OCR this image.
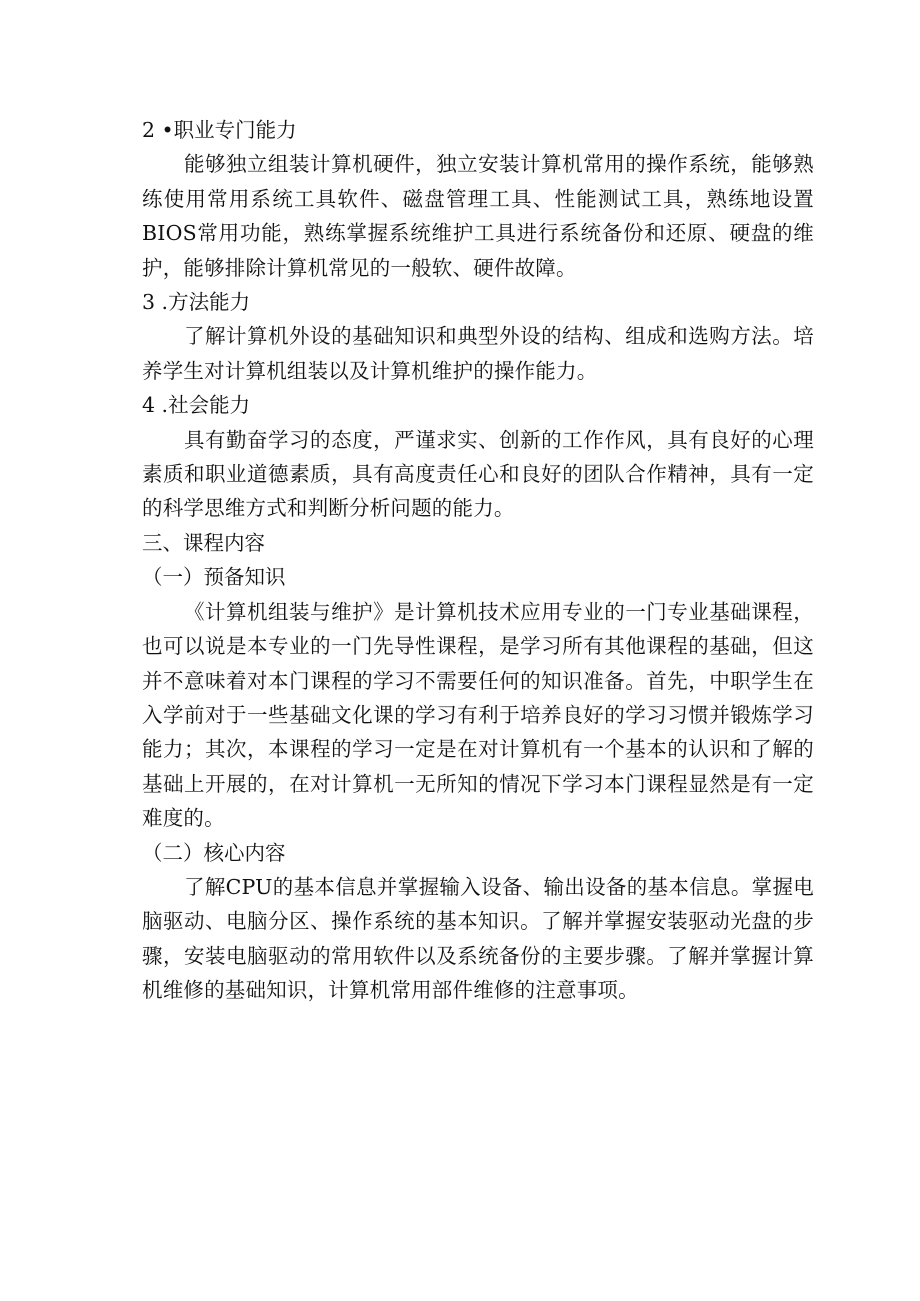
2 •职业专门能力

能够独立组装计算机硬件，独立安装计算机常用的操作系统，能够熟练使用常用系统工具软件、磁盘管理工具、性能测试工具，熟练地设置BIOS常用功能，熟练掌握系统维护工具进行系统备份和还原、硬盘的维护，能够排除计算机常见的一般软、硬件故障。

3 .方法能力

了解计算机外设的基础知识和典型外设的结构、组成和选购方法。培养学生对计算机组装以及计算机维护的操作能力。

4 .社会能力

具有勤奋学习的态度，严谨求实、创新的工作作风，具有良好的心理素质和职业道德素质，具有高度责任心和良好的团队合作精神，具有一定的科学思维方式和判断分析问题的能力。

三、课程内容

（一）预备知识

《计算机组装与维护》是计算机技术应用专业的一门专业基础课程，也可以说是本专业的一门先导性课程，是学习所有其他课程的基础，但这并不意味着对本门课程的学习不需要任何的知识准备。首先，中职学生在入学前对于一些基础文化课的学习有利于培养良好的学习习惯并锻炼学习能力；其次，本课程的学习一定是在对计算机有一个基本的认识和了解的基础上开展的，在对计算机一无所知的情况下学习本门课程显然是有一定难度的。

（二）核心内容

了解CPU的基本信息并掌握输入设备、输出设备的基本信息。掌握电脑驱动、电脑分区、操作系统的基本知识。了解并掌握安装驱动光盘的步骤，安装电脑驱动的常用软件以及系统备份的主要步骤。了解并掌握计算机维修的基础知识，计算机常用部件维修的注意事项。
